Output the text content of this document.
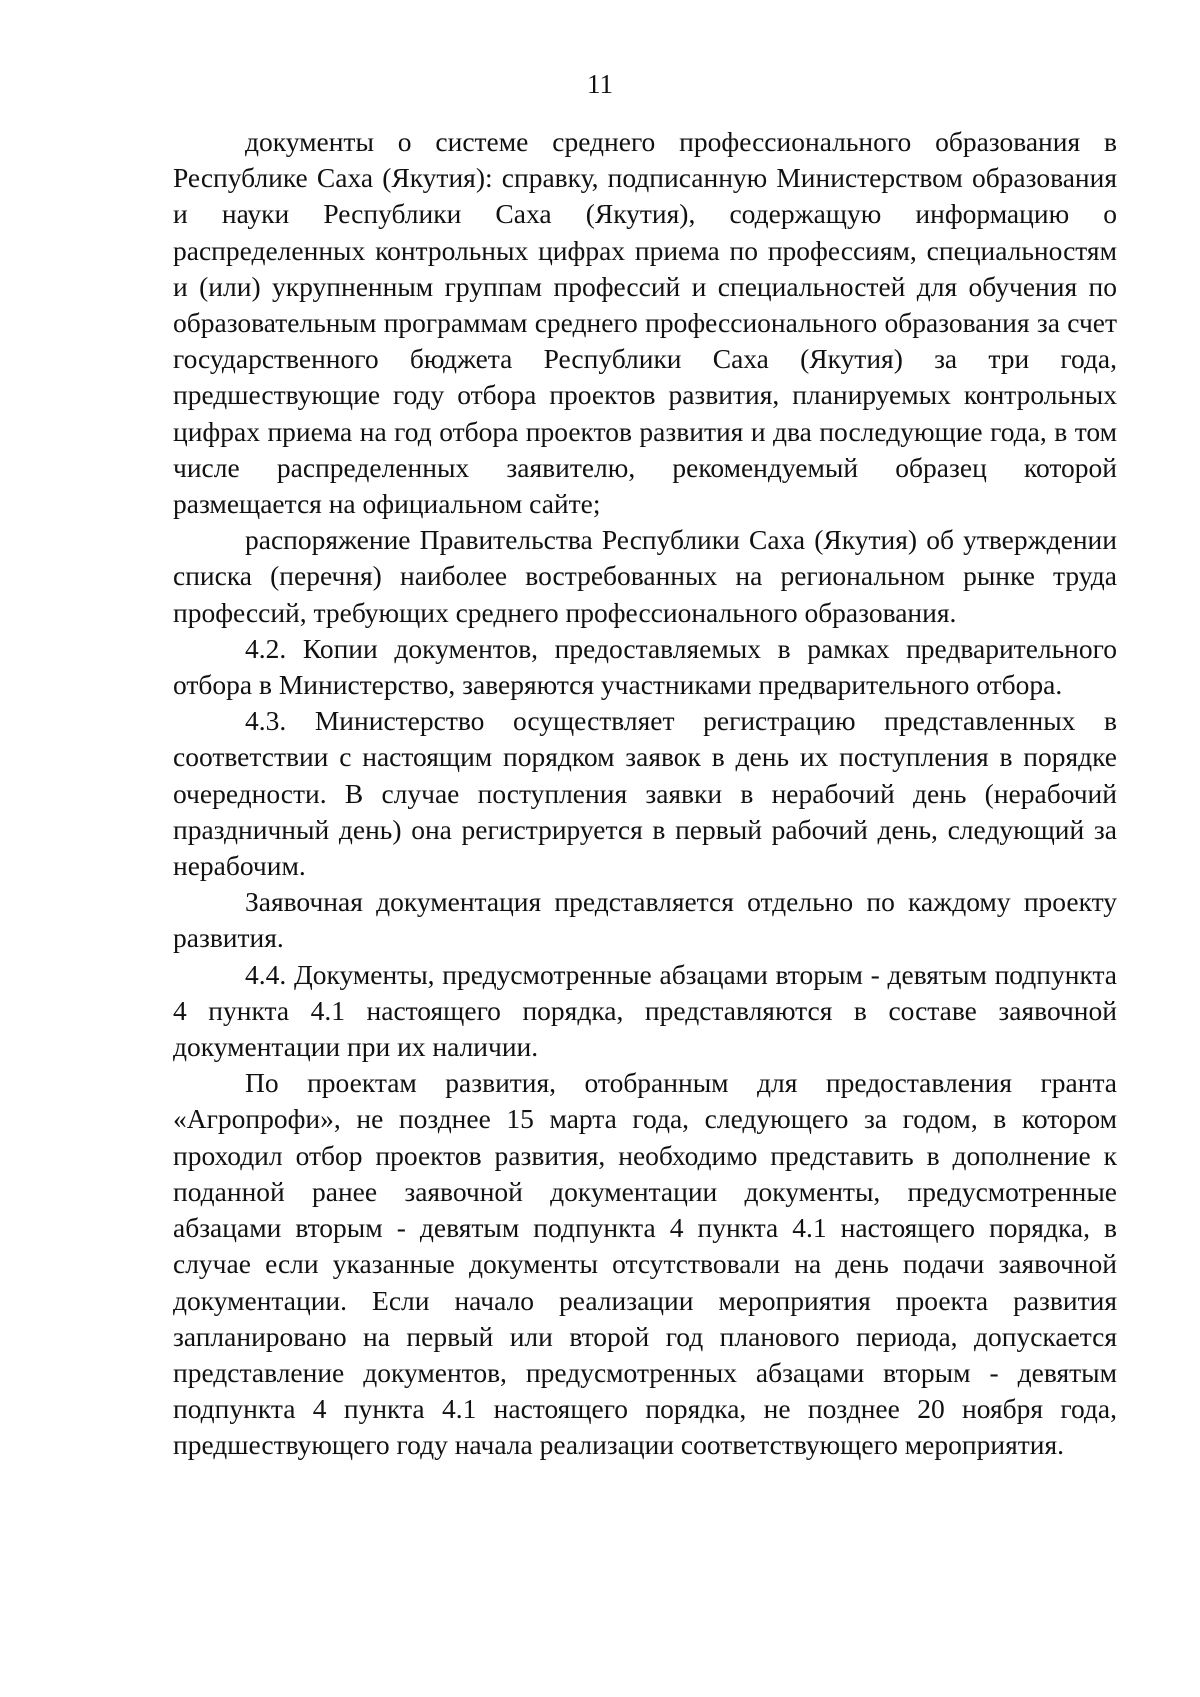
11

документы о системе среднего профессионального образования в Республике Саха (Якутия): справку, подписанную Министерством образования и науки Республики Саха (Якутия), содержащую информацию о распределенных контрольных цифрах приема по профессиям, специальностям и (или) укрупненным группам профессий и специальностей для обучения по образовательным программам среднего профессионального образования за счет государственного бюджета Республики Саха (Якутия) за три года, предшествующие году отбора проектов развития, планируемых контрольных цифрах приема на год отбора проектов развития и два последующие года, в том числе распределенных заявителю, рекомендуемый образец которой размещается на официальном сайте;

распоряжение Правительства Республики Саха (Якутия) об утверждении списка (перечня) наиболее востребованных на региональном рынке труда профессий, требующих среднего профессионального образования.

4.2. Копии документов, предоставляемых в рамках предварительного отбора в Министерство, заверяются участниками предварительного отбора.

4.3. Министерство осуществляет регистрацию представленных в соответствии с настоящим порядком заявок в день их поступления в порядке очередности. В случае поступления заявки в нерабочий день (нерабочий праздничный день) она регистрируется в первый рабочий день, следующий за нерабочим.

Заявочная документация представляется отдельно по каждому проекту развития.

4.4. Документы, предусмотренные абзацами вторым - девятым подпункта 4 пункта 4.1 настоящего порядка, представляются в составе заявочной документации при их наличии.

По проектам развития, отобранным для предоставления гранта «Агропрофи», не позднее 15 марта года, следующего за годом, в котором проходил отбор проектов развития, необходимо представить в дополнение к поданной ранее заявочной документации документы, предусмотренные абзацами вторым - девятым подпункта 4 пункта 4.1 настоящего порядка, в случае если указанные документы отсутствовали на день подачи заявочной документации. Если начало реализации мероприятия проекта развития запланировано на первый или второй год планового периода, допускается представление документов, предусмотренных абзацами вторым - девятым подпункта 4 пункта 4.1 настоящего порядка, не позднее 20 ноября года, предшествующего году начала реализации соответствующего мероприятия.
